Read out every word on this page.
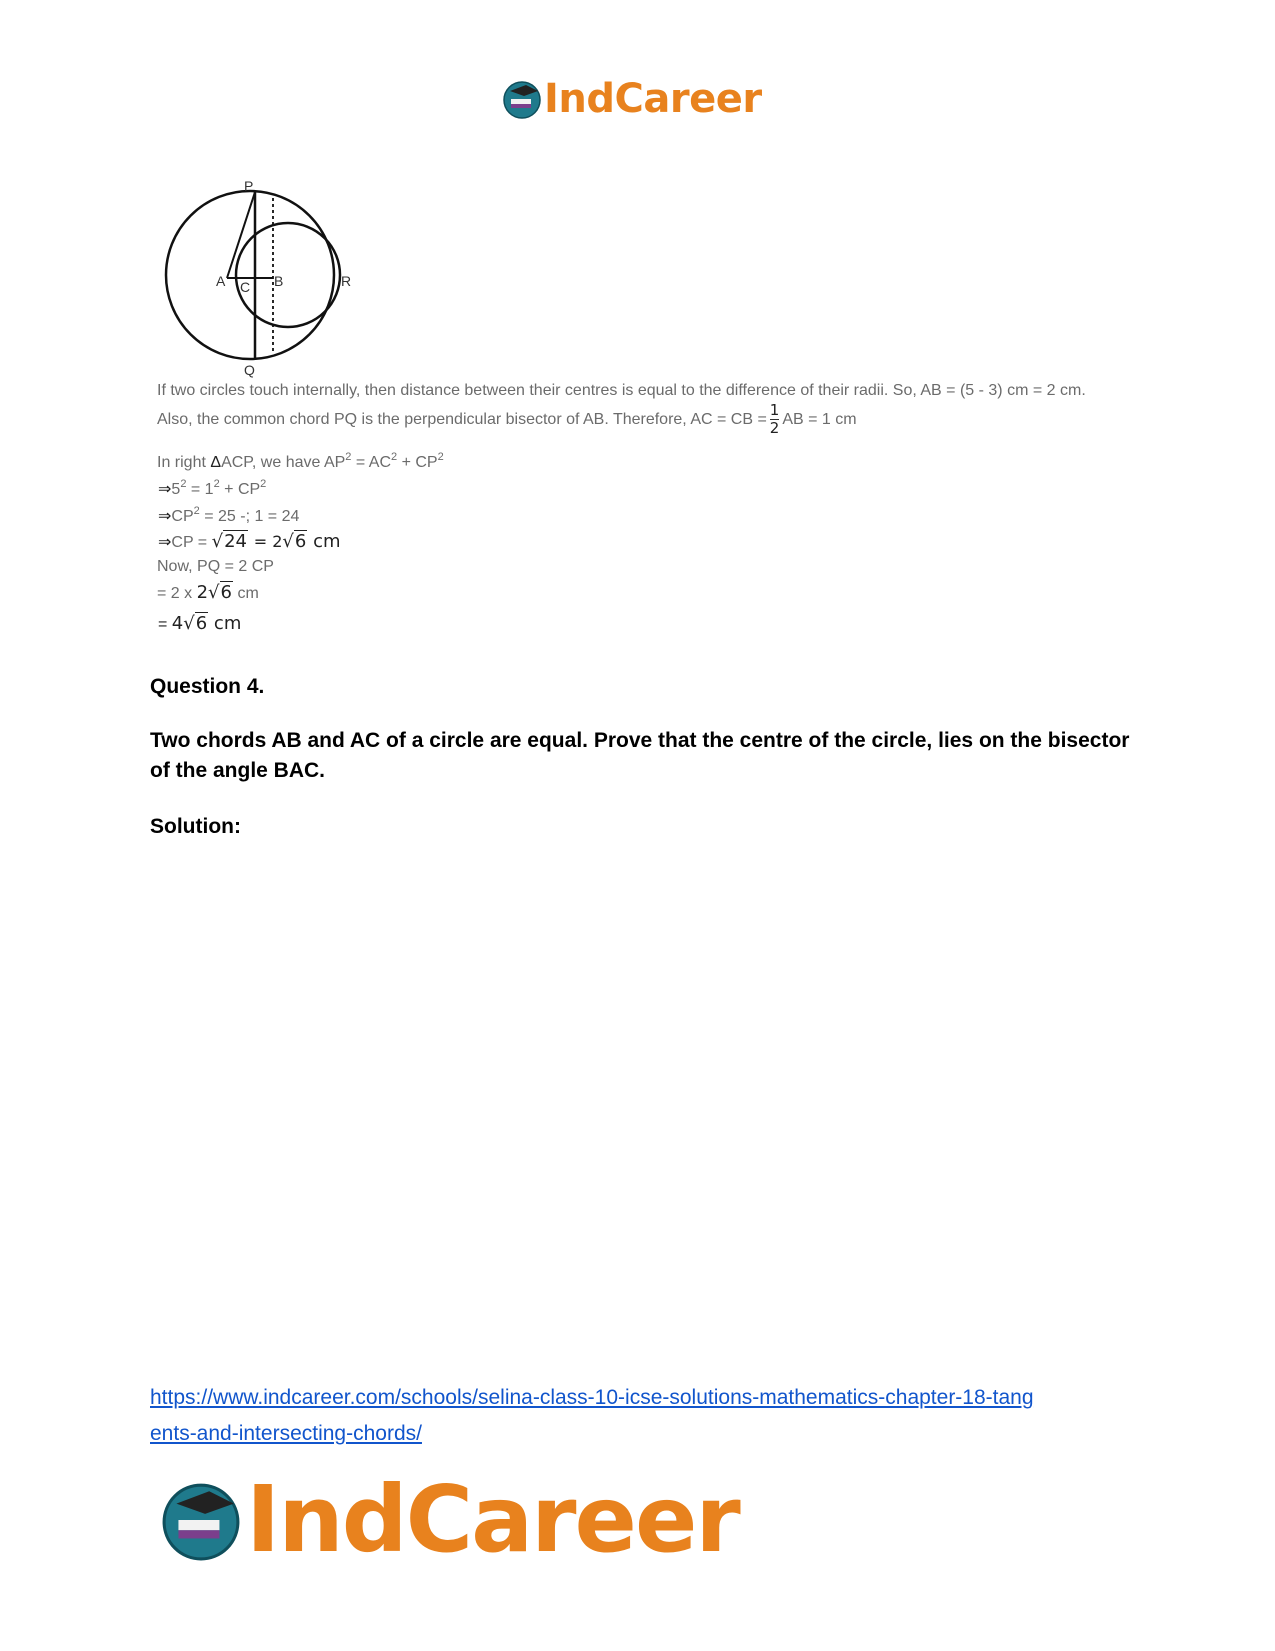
IndCareer
P
Q
A C B	R
If two circles touch internally, then distance between their centres is equal to the difference of their radii. So, AB = (5 - 3) cm = 2 cm.
Also, the common chord PQ is the perpendicular bisector of AB. Therefore, AC = CB = $\frac{1}{2}$ AB = 1 cm
In right ΔACP, we have $AP^2 = AC^2 + CP^2$
$\Rightarrow 5^2 = 1^2 + CP^2$
$\Rightarrow CP^2 = 25$ -; 1 = 24
⇒CP = √24 = 2√6 cm
Now, PQ = 2 CP
= 2 x 2√6 cm
= 4√6 cm
Question 4.
Two chords AB and AC of a circle are equal. Prove that the centre of the circle, lies on the bisector of the angle BAC.
Solution:
https://www.indcareer.com/schools/selina-class-10-icse-solutions-mathematics-chapter-18-tang
ents-and-intersecting-chords/
IndCareer
